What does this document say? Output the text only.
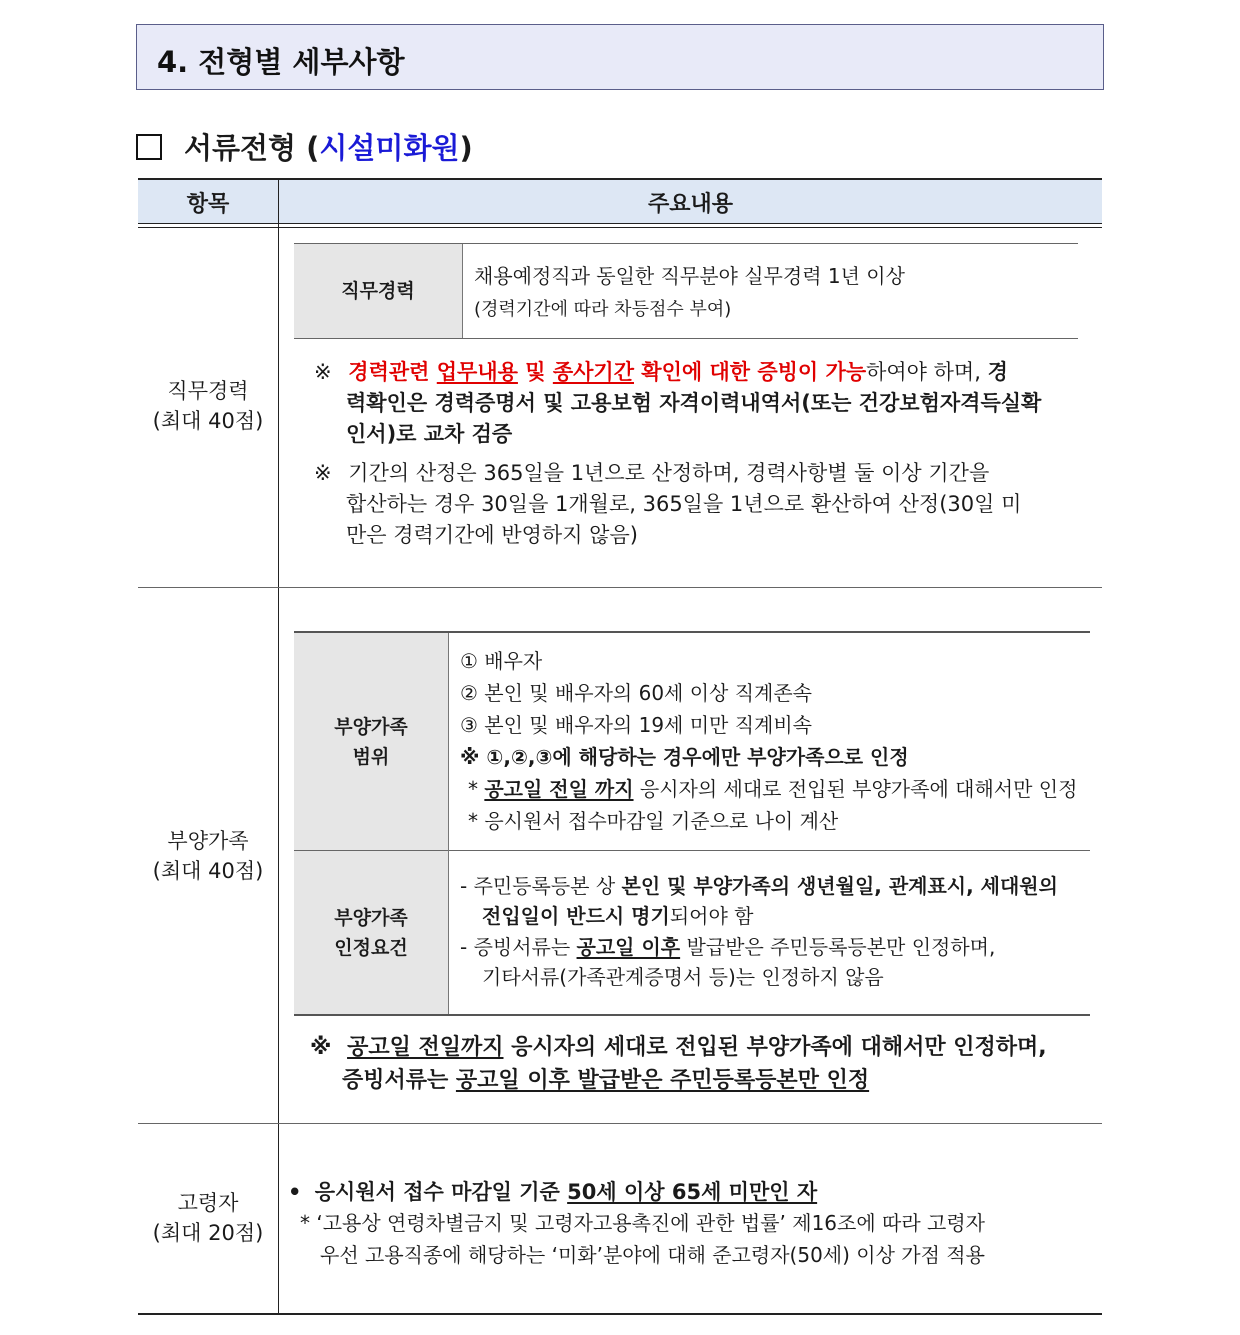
4. 전형별 세부사항
서류전형 (시설미화원)
항목	주요내용
직무경력
(최대 40점)
직무경력
채용예정직과 동일한 직무분야 실무경력 1년 이상
(경력기간에 따라 차등점수 부여)
※ 경력관련 업무내용 및 종사기간 확인에 대한 증빙이 가능하여야 하며, 경
력확인은 경력증명서 및 고용보험 자격이력내역서(또는 건강보험자격득실확
인서)로 교차 검증
※ 기간의 산정은 365일을 1년으로 산정하며, 경력사항별 둘 이상 기간을
합산하는 경우 30일을 1개월로, 365일을 1년으로 환산하여 산정(30일 미
만은 경력기간에 반영하지 않음)
부양가족
(최대 40점)
부양가족
범위
부양가족
인정요건
① 배우자
② 본인 및 배우자의 60세 이상 직계존속
③ 본인 및 배우자의 19세 미만 직계비속
※ ①,②,③에 해당하는 경우에만 부양가족으로 인정
* 공고일 전일 까지 응시자의 세대로 전입된 부양가족에 대해서만 인정
* 응시원서 접수마감일 기준으로 나이 계산
- 주민등록등본 상 본인 및 부양가족의 생년월일, 관계표시, 세대원의
전입일이 반드시 명기되어야 함
- 증빙서류는 공고일 이후 발급받은 주민등록등본만 인정하며,
기타서류(가족관계증명서 등)는 인정하지 않음
※ 공고일 전일까지 응시자의 세대로 전입된 부양가족에 대해서만 인정하며,
증빙서류는 공고일 이후 발급받은 주민등록등본만 인정
고령자
(최대 20점)
• 응시원서 접수 마감일 기준 50세 이상 65세 미만인 자
* ‘고용상 연령차별금지 및 고령자고용촉진에 관한 법률’ 제16조에 따라 고령자
우선 고용직종에 해당하는 ‘미화’분야에 대해 준고령자(50세) 이상 가점 적용
